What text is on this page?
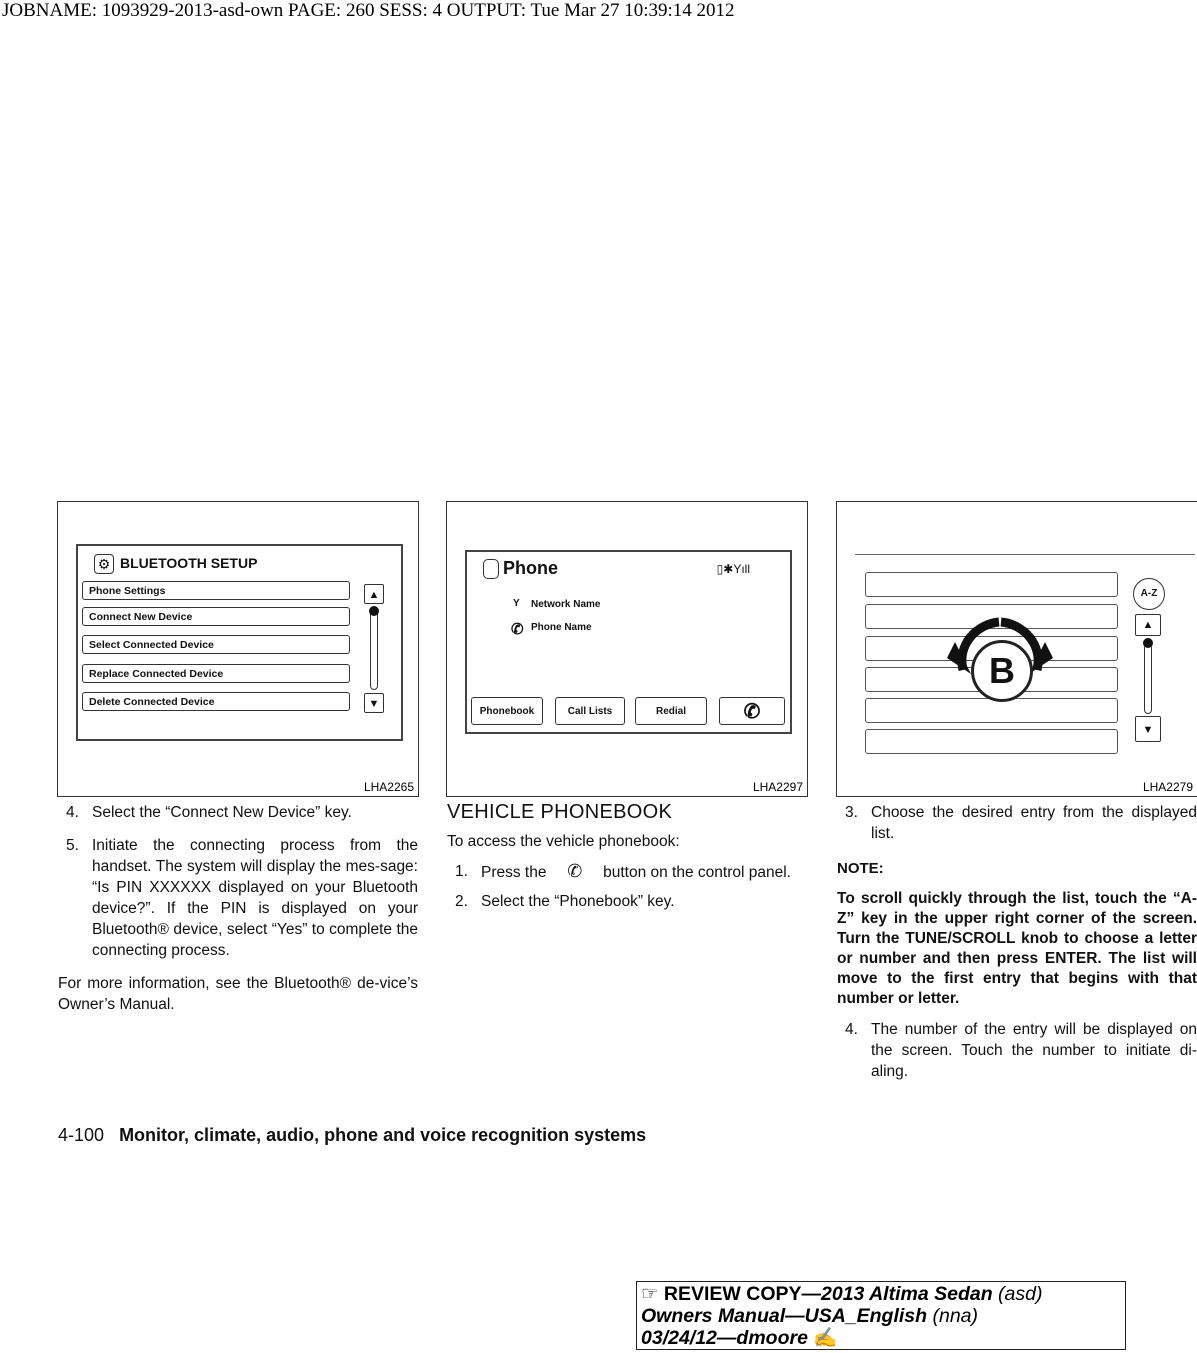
JOBNAME: 1093929-2013-asd-own PAGE: 260 SESS: 4 OUTPUT: Tue Mar 27 10:39:14 2012
⚙ BLUETOOTH SETUP
Phone Settings
Connect New Device
Select Connected Device
Replace Connected Device
Delete Connected Device
▲
▼
LHA2265
Phone	▯✱Yıll
Y Network Name
✆ Phone Name
Phonebook	Call Lists	Redial	✆
LHA2297
A-Z
▲
▼
B
LHA2279
4. Select the “Connect New Device” key.
5. Initiate the connecting process from the handset. The system will display the mes-sage: “Is PIN XXXXXX displayed on your Bluetooth device?”. If the PIN is displayed on your Bluetooth® device, select “Yes” to complete the connecting process.
For more information, see the Bluetooth® de-vice’s Owner’s Manual.
VEHICLE PHONEBOOK
To access the vehicle phonebook:
1. Press the ✆ button on the control panel.
2. Select the “Phonebook” key.
3. Choose the desired entry from the displayed list.
NOTE:
To scroll quickly through the list, touch the “A-Z” key in the upper right corner of the screen. Turn the TUNE/SCROLL knob to choose a letter or number and then press ENTER. The list will move to the first entry that begins with that number or letter.
4. The number of the entry will be displayed on the screen. Touch the number to initiate di-aling.
4-100 Monitor, climate, audio, phone and voice recognition systems
☞ REVIEW COPY—2013 Altima Sedan (asd)
Owners Manual—USA_English (nna)
03/24/12—dmoore ✍
